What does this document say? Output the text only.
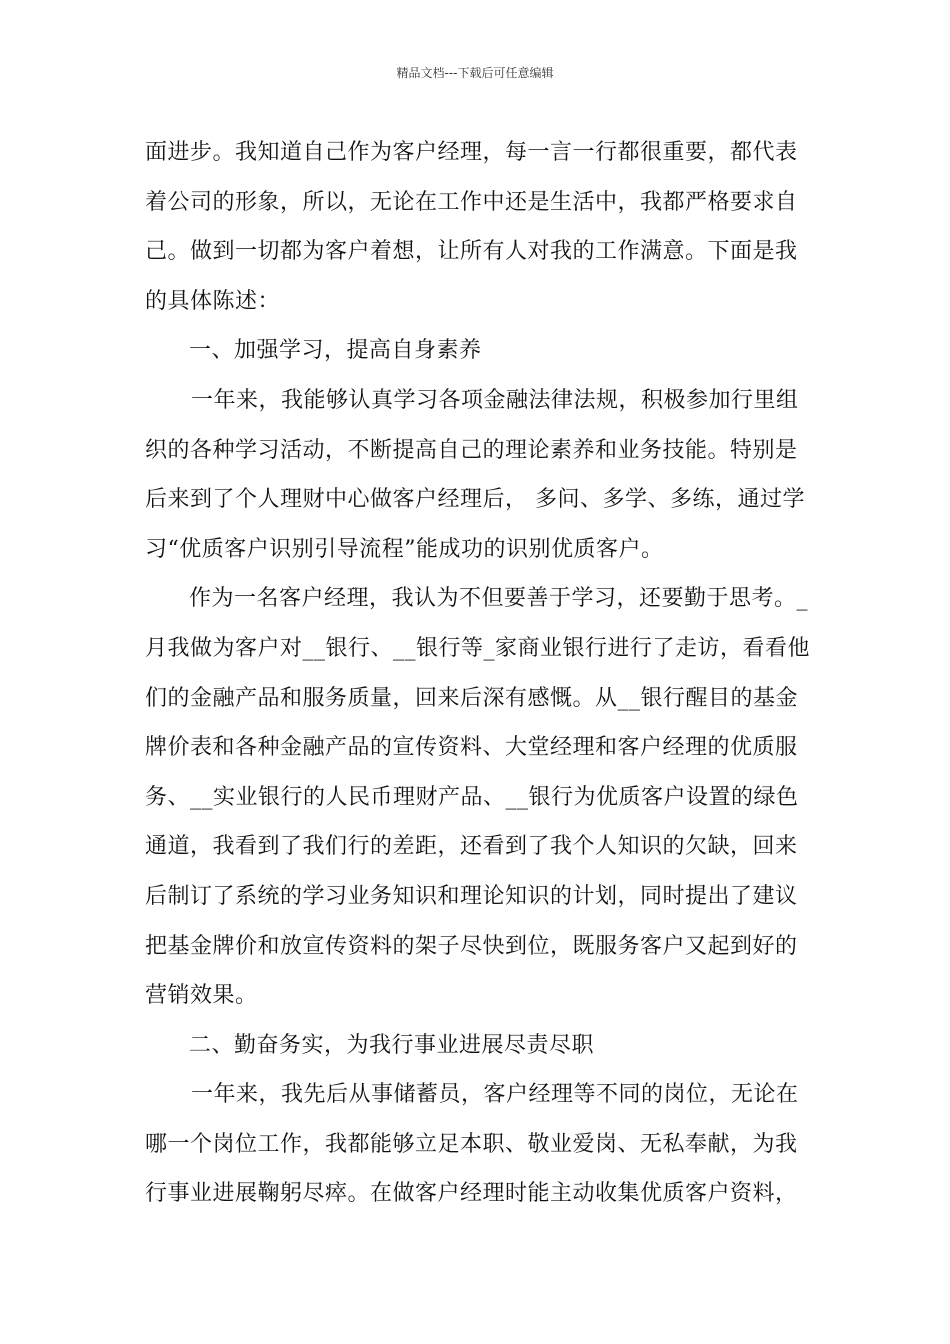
精品文档---下载后可任意编辑
面进步。我知道自己作为客户经理，每一言一行都很重要，都代表
着公司的形象，所以，无论在工作中还是生活中，我都严格要求自
己。做到一切都为客户着想，让所有人对我的工作满意。下面是我
的具体陈述：
一、加强学习，提高自身素养
一年来，我能够认真学习各项金融法律法规，积极参加行里组
织的各种学习活动，不断提高自己的理论素养和业务技能。特别是
后来到了个人理财中心做客户经理后， 多问、多学、多练，通过学
习“优质客户识别引导流程”能成功的识别优质客户。
作为一名客户经理，我认为不但要善于学习，还要勤于思考。_
月我做为客户对__银行、__银行等_家商业银行进行了走访，看看他
们的金融产品和服务质量，回来后深有感慨。从__银行醒目的基金
牌价表和各种金融产品的宣传资料、大堂经理和客户经理的优质服
务、__实业银行的人民币理财产品、__银行为优质客户设置的绿色
通道，我看到了我们行的差距，还看到了我个人知识的欠缺，回来
后制订了系统的学习业务知识和理论知识的计划，同时提出了建议
把基金牌价和放宣传资料的架子尽快到位，既服务客户又起到好的
营销效果。
二、勤奋务实，为我行事业进展尽责尽职
一年来，我先后从事储蓄员，客户经理等不同的岗位，无论在
哪一个岗位工作，我都能够立足本职、敬业爱岗、无私奉献，为我
行事业进展鞠躬尽瘁。在做客户经理时能主动收集优质客户资料，
